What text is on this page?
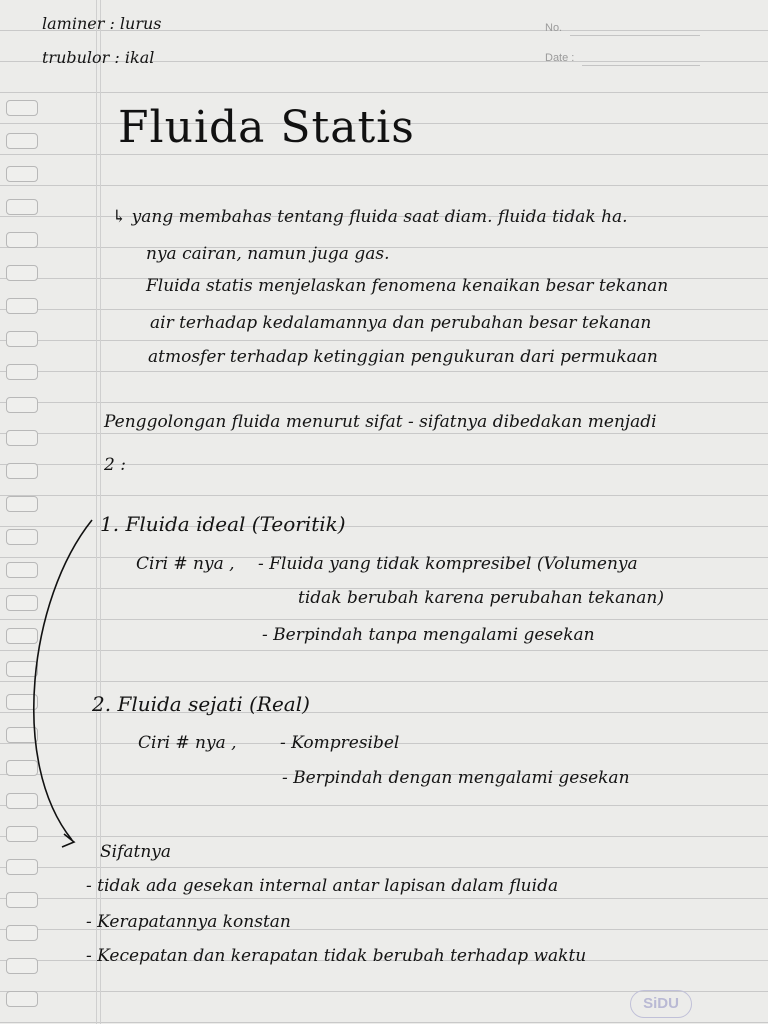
laminer : lurus
trubulor : ikal
No.
Date :
Fluida Statis
↳ yang membahas tentang fluida saat diam. fluida tidak ha.
nya cairan, namun juga gas.
Fluida statis menjelaskan fenomena kenaikan besar tekanan
air terhadap kedalamannya dan perubahan besar tekanan
atmosfer terhadap ketinggian pengukuran dari permukaan
Penggolongan fluida menurut sifat - sifatnya dibedakan menjadi
2 :
1. Fluida ideal (Teoritik)
Ciri # nya , - Fluida yang tidak kompresibel (Volumenya
tidak berubah karena perubahan tekanan)
- Berpindah tanpa mengalami gesekan
2. Fluida sejati (Real)
Ciri # nya ,	- Kompresibel
- Berpindah dengan mengalami gesekan
Sifatnya
- tidak ada gesekan internal antar lapisan dalam fluida
- Kerapatannya konstan
- Kecepatan dan kerapatan tidak berubah terhadap waktu
SiDU
